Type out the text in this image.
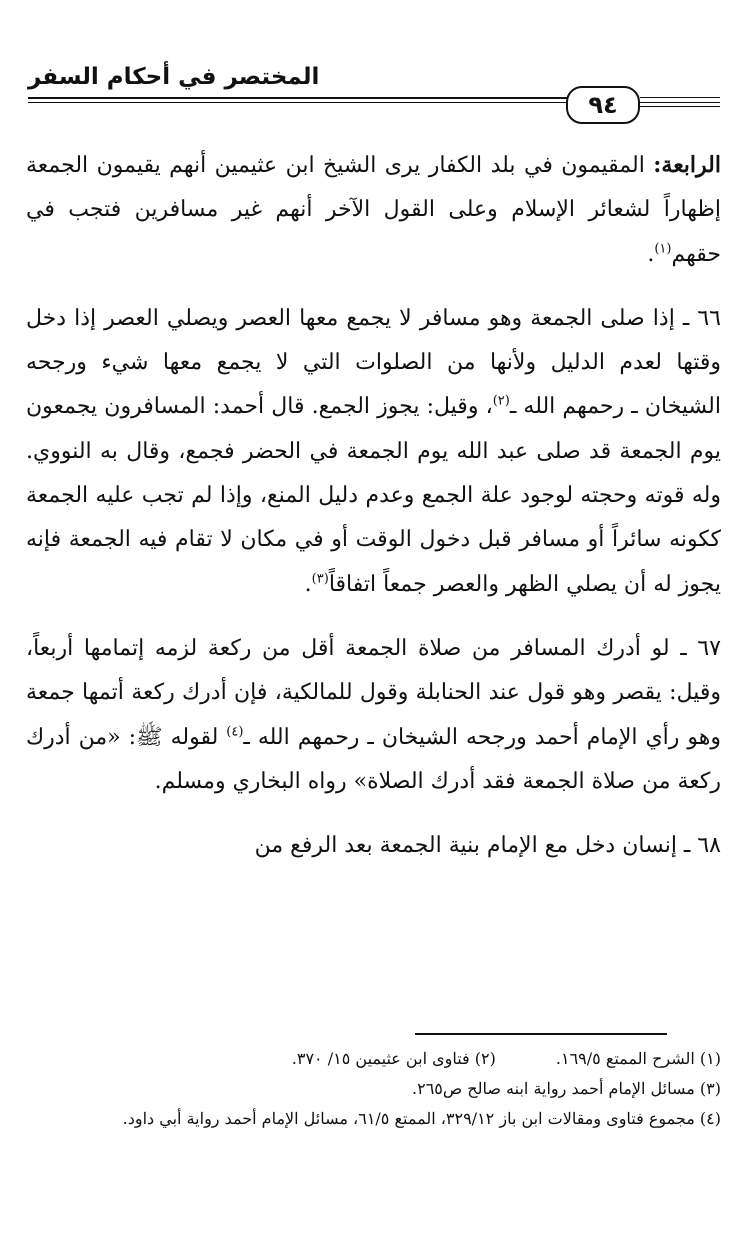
المختصر في أحكام السفر
٩٤

الرابعة: المقيمون في بلد الكفار يرى الشيخ ابن عثيمين أنهم يقيمون الجمعة إظهاراً لشعائر الإسلام وعلى القول الآخر أنهم غير مسافرين فتجب في حقهم$^{(١)}$.

٦٦ ـ إذا صلى الجمعة وهو مسافر لا يجمع معها العصر ويصلي العصر إذا دخل وقتها لعدم الدليل ولأنها من الصلوات التي لا يجمع معها شيء ورجحه الشيخان ـ رحمهم الله ـ$^{(٢)}$، وقيل: يجوز الجمع. قال أحمد: المسافرون يجمعون يوم الجمعة قد صلى عبد الله يوم الجمعة في الحضر فجمع، وقال به النووي. وله قوته وحجته لوجود علة الجمع وعدم دليل المنع، وإذا لم تجب عليه الجمعة ككونه سائراً أو مسافر قبل دخول الوقت أو في مكان لا تقام فيه الجمعة فإنه يجوز له أن يصلي الظهر والعصر جمعاً اتفاقاً$^{(٣)}$.

٦٧ ـ لو أدرك المسافر من صلاة الجمعة أقل من ركعة لزمه إتمامها أربعاً، وقيل: يقصر وهو قول عند الحنابلة وقول للمالكية، فإن أدرك ركعة أتمها جمعة وهو رأي الإمام أحمد ورجحه الشيخان ـ رحمهم الله ـ$^{(٤)}$ لقوله ﷺ: «من أدرك ركعة من صلاة الجمعة فقد أدرك الصلاة» رواه البخاري ومسلم.

٦٨ ـ إنسان دخل مع الإمام بنية الجمعة بعد الرفع من

(١) الشرح الممتع ١٦٩/٥.(٢) فتاوى ابن عثيمين ١٥/ ٣٧٠.
(٣) مسائل الإمام أحمد رواية ابنه صالح ص٢٦٥.
(٤) مجموع فتاوى ومقالات ابن باز ٣٢٩/١٢، الممتع ٦١/٥، مسائل الإمام أحمد رواية أبي داود.
